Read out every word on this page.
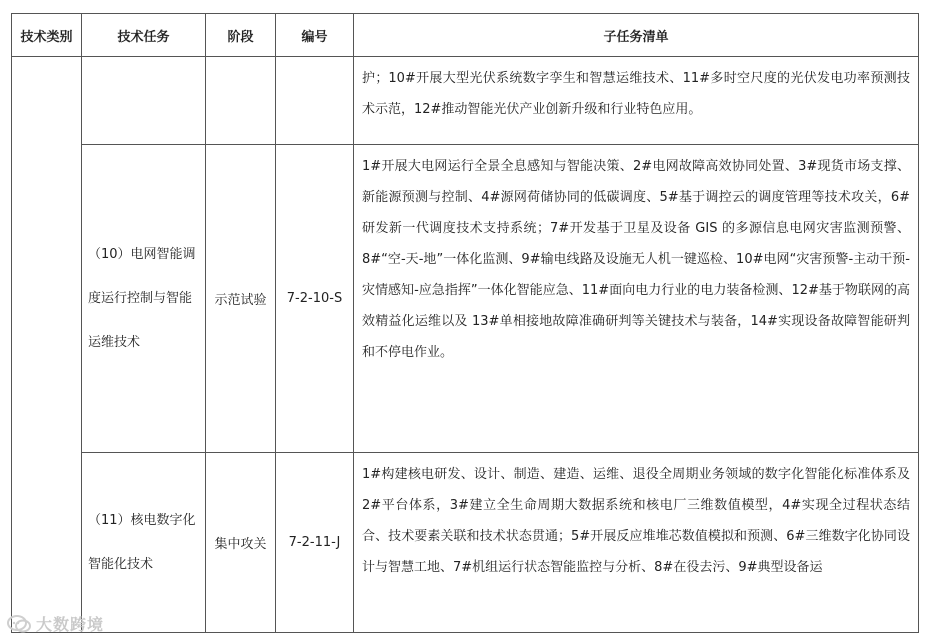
技术类别	技术任务	阶段	编号	子任务清单

				护；10#开展大型光伏系统数字孪生和智慧运维技术、11#多时空尺度的光伏发电功率预测技术示范，12#推动智能光伏产业创新升级和行业特色应用。

	（10）电网智能调度运行控制与智能运维技术	示范试验	7-2-10-S	1#开展大电网运行全景全息感知与智能决策、2#电网故障高效协同处置、3#现货市场支撑、新能源预测与控制、4#源网荷储协同的低碳调度、5#基于调控云的调度管理等技术攻关，6#研发新一代调度技术支持系统；7#开发基于卫星及设备 GIS 的多源信息电网灾害监测预警、8#“空-天-地”一体化监测、9#输电线路及设施无人机一键巡检、10#电网“灾害预警-主动干预-灾情感知-应急指挥”一体化智能应急、11#面向电力行业的电力装备检测、12#基于物联网的高效精益化运维以及 13#单相接地故障准确研判等关键技术与装备，14#实现设备故障智能研判和不停电作业。

	（11）核电数字化智能化技术	集中攻关	7-2-11-J	1#构建核电研发、设计、制造、建造、运维、退役全周期业务领域的数字化智能化标准体系及 2#平台体系，3#建立全生命周期大数据系统和核电厂三维数值模型，4#实现全过程状态结合、技术要素关联和技术状态贯通；5#开展反应堆堆芯数值模拟和预测、6#三维数字化协同设计与智慧工地、7#机组运行状态智能监控与分析、8#在役去污、9#典型设备运
大数跨境
